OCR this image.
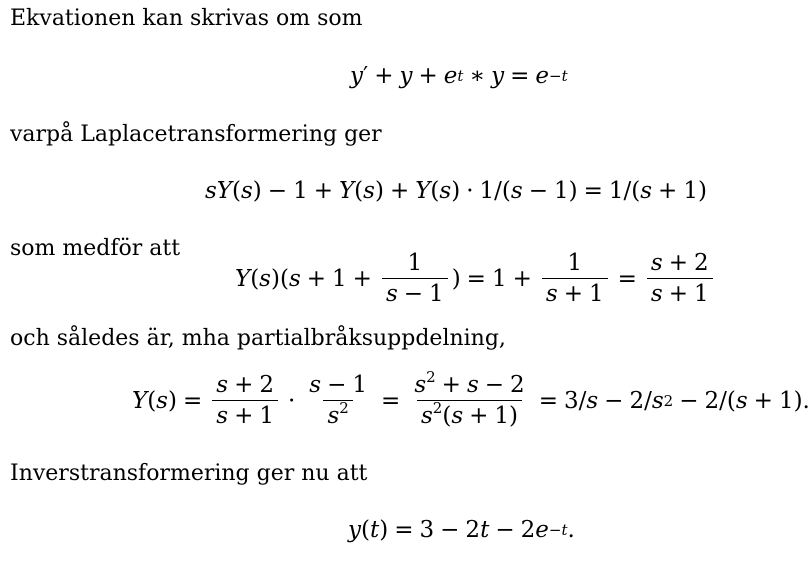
Ekvationen kan skrivas om som
y ′ + y + e t ∗ y = e −t
varpå Laplacetransformering ger
sY ( s ) − 1 + Y ( s ) + Y ( s ) · 1/( s − 1) = 1/( s + 1)
som medför att
Y ( s )( $s + 1 + \frac{1}{s - 1}$ ) = $1 + \frac{1}{s + 1} = \frac{s + 2}{s + 1}$
och således är, mha partialbråksuppdelning,
Y ( s ) = $\frac{s + 2}{s + 1} \cdot \frac{s - 1}{s^2} = \frac{s^2 + s - 2}{s^2(s + 1)} = 3/$ s − 2/ s 2 − 2/( s + 1).
Inverstransformering ger nu att
y ( t ) = 3 − 2 t − 2 e −t .
